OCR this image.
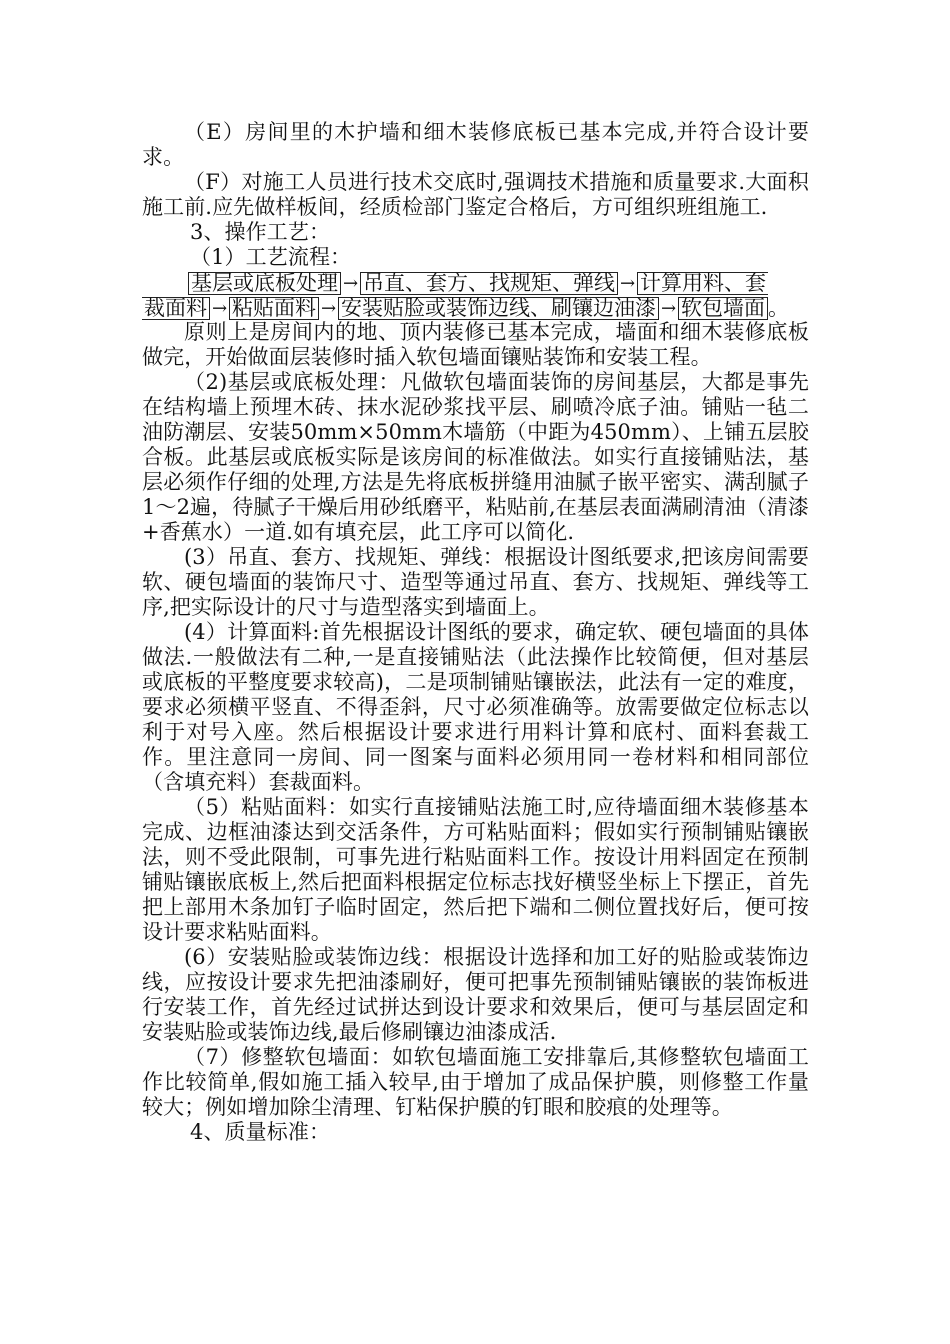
（E）房间里的木护墙和细木装修底板已基本完成,并符合设计要求。

（F）对施工人员进行技术交底时,强调技术措施和质量要求.大面积施工前.应先做样板间，经质检部门鉴定合格后，方可组织班组施工.

3、操作工艺：

（1）工艺流程：

基层或底板处理 → 吊直、套方、找规矩、弹线 → 计算用料、套
裁面料 → 粘贴面料 → 安装贴脸或装饰边线、刷镶边油漆 → 软包墙面 。

原则上是房间内的地、顶内装修已基本完成，墙面和细木装修底板做完，开始做面层装修时插入软包墙面镶贴装饰和安装工程。

（2)基层或底板处理：凡做软包墙面装饰的房间基层，大都是事先在结构墙上预埋木砖、抹水泥砂浆找平层、刷喷冷底子油。铺贴一毡二油防潮层、安装50mm×50mm木墙筋（中距为450mm）、上铺五层胶合板。此基层或底板实际是该房间的标准做法。如实行直接铺贴法，基层必须作仔细的处理,方法是先将底板拼缝用油腻子嵌平密实、满刮腻子1～2遍，待腻子干燥后用砂纸磨平，粘贴前,在基层表面满刷清油（清漆+香蕉水）一道.如有填充层，此工序可以简化.

(3）吊直、套方、找规矩、弹线：根据设计图纸要求,把该房间需要软、硬包墙面的装饰尺寸、造型等通过吊直、套方、找规矩、弹线等工序,把实际设计的尺寸与造型落实到墙面上。

(4）计算面料:首先根据设计图纸的要求，确定软、硬包墙面的具体做法.一般做法有二种,一是直接铺贴法（此法操作比较简便，但对基层或底板的平整度要求较高)，二是项制铺贴镶嵌法，此法有一定的难度，要求必须横平竖直、不得歪斜，尺寸必须准确等。放需要做定位标志以利于对号入座。然后根据设计要求进行用料计算和底村、面料套裁工作。里注意同一房间、同一图案与面料必须用同一卷材料和相同部位（含填充料）套裁面料。

（5）粘贴面料：如实行直接铺贴法施工时,应待墙面细木装修基本完成、边框油漆达到交活条件，方可粘贴面料；假如实行预制铺贴镶嵌法，则不受此限制，可事先进行粘贴面料工作。按设计用料固定在预制铺贴镶嵌底板上,然后把面料根据定位标志找好横竖坐标上下摆正，首先把上部用木条加钉子临时固定，然后把下端和二侧位置找好后，便可按设计要求粘贴面料。

(6）安装贴脸或装饰边线：根据设计选择和加工好的贴脸或装饰边线，应按设计要求先把油漆刷好，便可把事先预制铺贴镶嵌的装饰板进行安装工作，首先经过试拼达到设计要求和效果后，便可与基层固定和安装贴脸或装饰边线,最后修刷镶边油漆成活.

（7）修整软包墙面：如软包墙面施工安排靠后,其修整软包墙面工作比较简单,假如施工插入较早,由于增加了成品保护膜，则修整工作量较大；例如增加除尘清理、钉粘保护膜的钉眼和胶痕的处理等。

4、质量标准：
